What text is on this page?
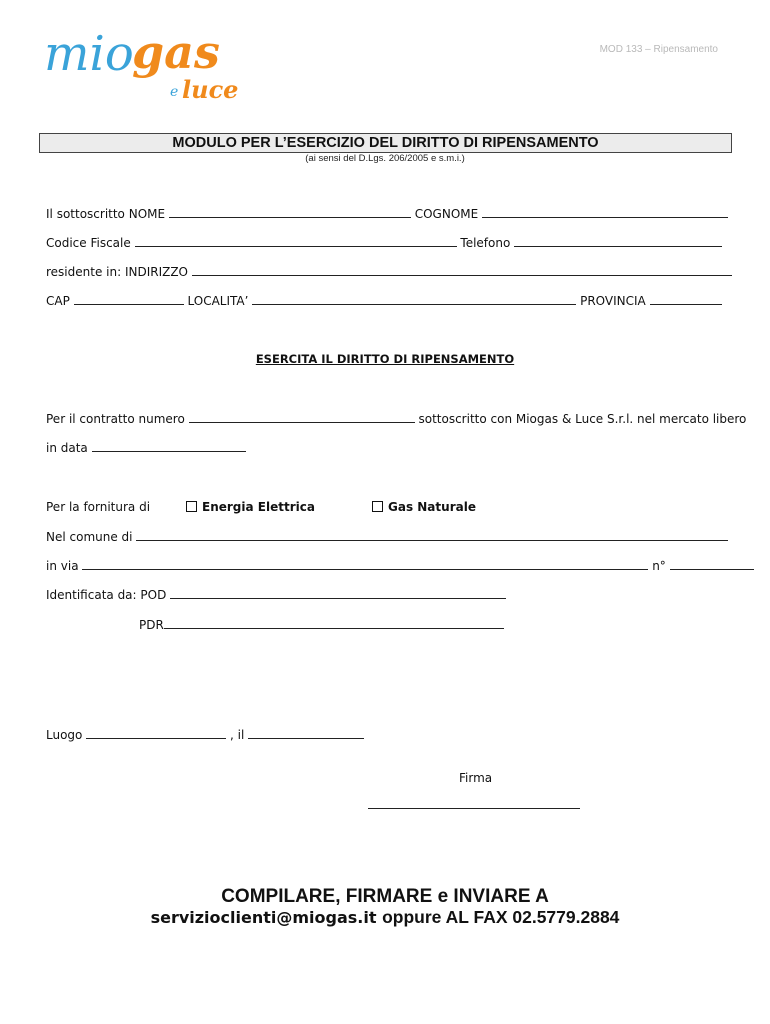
mio
gas
e luce
MOD 133 – Ripensamento
MODULO PER L’ESERCIZIO DEL DIRITTO DI RIPENSAMENTO
(ai sensi del D.Lgs. 206/2005 e s.m.i.)
Il sottoscritto NOME	COGNOME
Codice Fiscale	Telefono
residente in: INDIRIZZO
CAP	LOCALITA’	PROVINCIA
ESERCITA IL DIRITTO DI RIPENSAMENTO
Per il contratto numero	sottoscritto con Miogas & Luce S.r.l. nel mercato libero
in data
Per la fornitura di	Energia Elettrica	Gas Naturale
Nel comune di
in via	n°
Identificata da: POD
PDR
Luogo	, il
Firma
COMPILARE, FIRMARE e INVIARE A
servizioclienti@miogas.it oppure AL FAX 02.5779.2884
